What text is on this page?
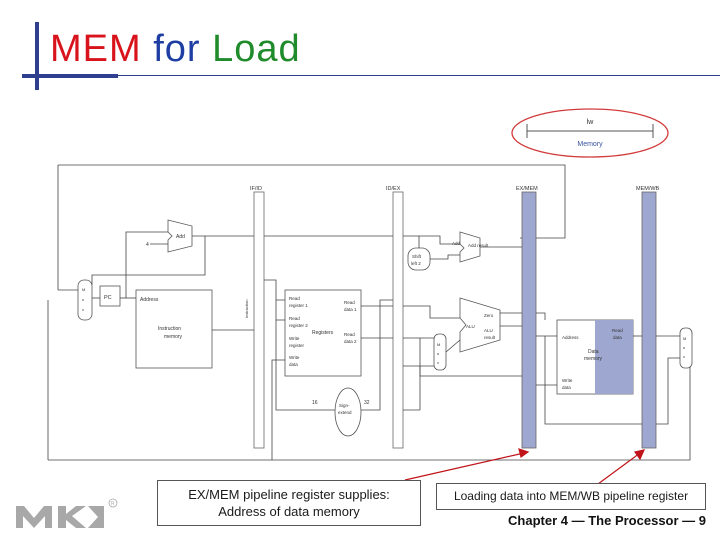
MEM for Load
lw
Memory
IF/ID	ID/EX	EX/MEM	MEM/WB
Add
4
M
u
x
PC	Address
Instruction
memory
Instruction
Read
register 1
Read
register 2
Registers
Read
data 1
Read
data 2
Write
register
Write
data
Sign-
extend
16	32
Shift
left 2
Add Add result
Zero
ALU
ALU
result
M
u
x
Address
Read
data
Data
memory
Write
data
M
u
x
EX/MEM pipeline register supplies:
Address of data memory
Loading data into MEM/WB pipeline register
R
Chapter 4 — The Processor — 9
